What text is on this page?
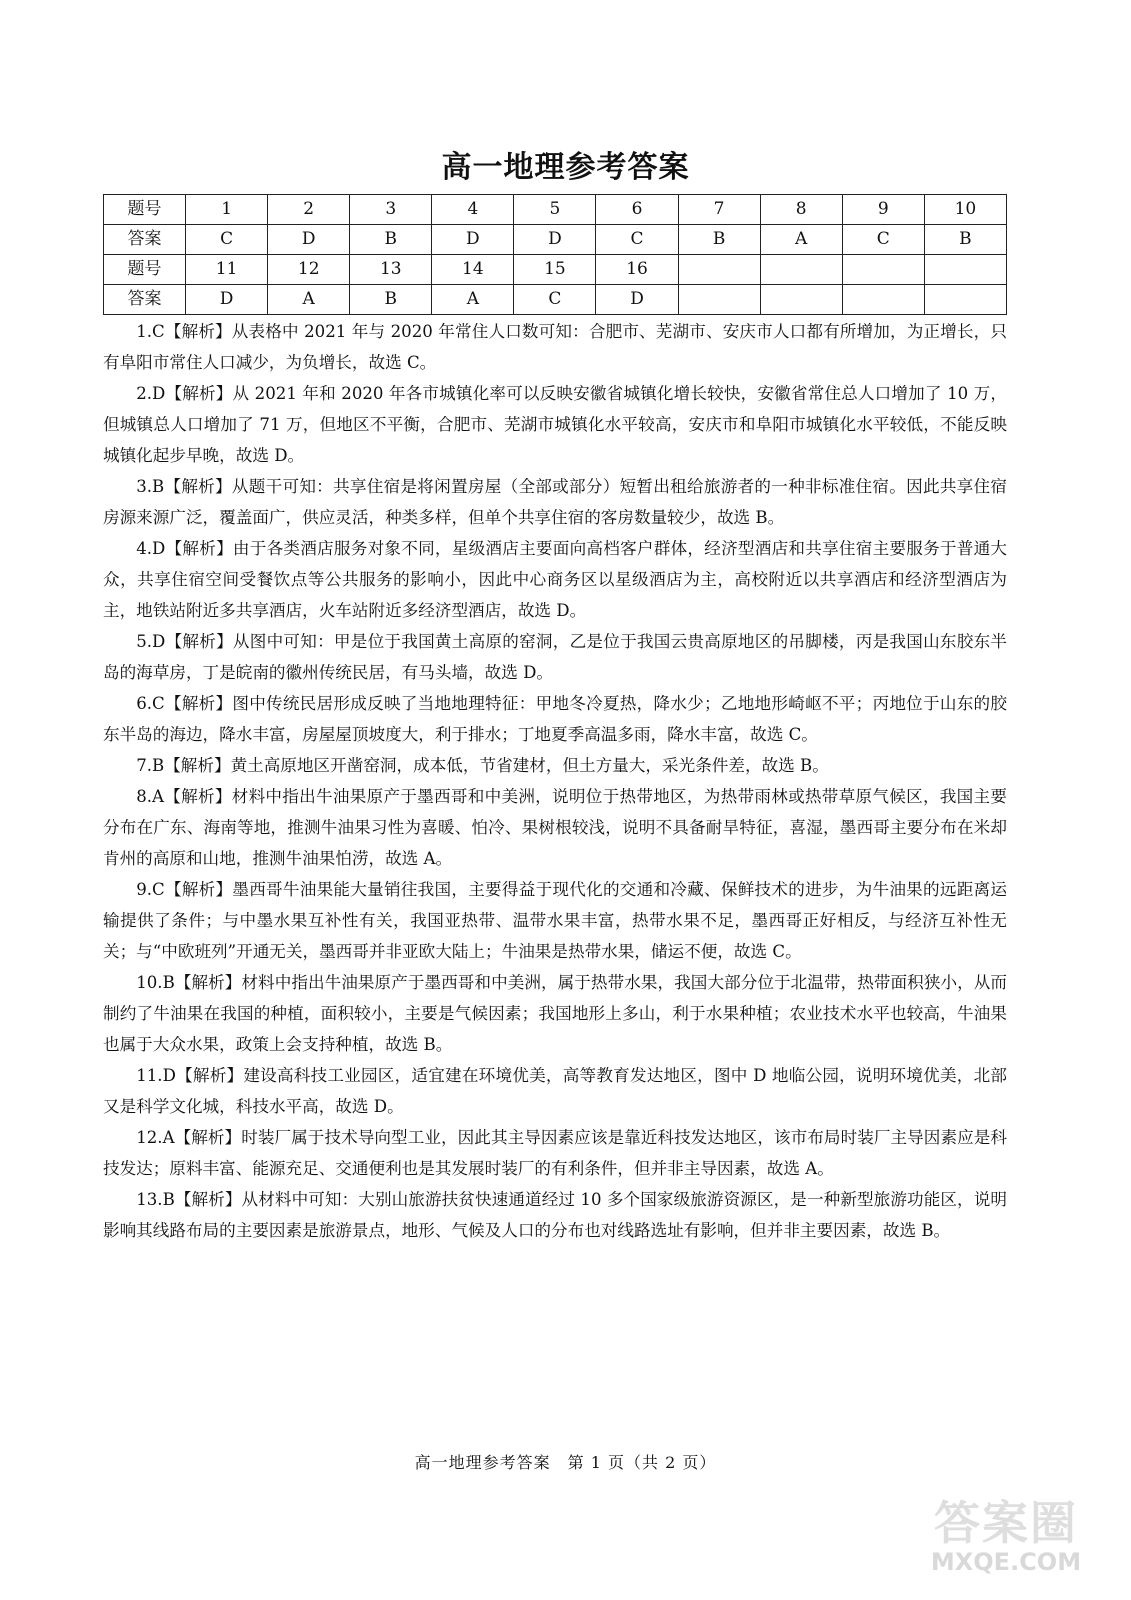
高一地理参考答案
题号	1	2	3	4	5	6	7	8	9	10
答案	C	D	B	D	D	C	B	A	C	B
题号	11	12	13	14	15	16				
答案	D	A	B	A	C	D				

1.C【解析】从表格中 2021 年与 2020 年常住人口数可知：合肥市、芜湖市、安庆市人口都有所增加，为正增长，只有阜阳市常住人口减少，为负增长，故选 C。

2.D【解析】从 2021 年和 2020 年各市城镇化率可以反映安徽省城镇化增长较快，安徽省常住总人口增加了 10 万，但城镇总人口增加了 71 万，但地区不平衡，合肥市、芜湖市城镇化水平较高，安庆市和阜阳市城镇化水平较低，不能反映城镇化起步早晚，故选 D。

3.B【解析】从题干可知：共享住宿是将闲置房屋（全部或部分）短暂出租给旅游者的一种非标准住宿。因此共享住宿房源来源广泛，覆盖面广，供应灵活，种类多样，但单个共享住宿的客房数量较少，故选 B。

4.D【解析】由于各类酒店服务对象不同，星级酒店主要面向高档客户群体，经济型酒店和共享住宿主要服务于普通大众，共享住宿空间受餐饮点等公共服务的影响小，因此中心商务区以星级酒店为主，高校附近以共享酒店和经济型酒店为主，地铁站附近多共享酒店，火车站附近多经济型酒店，故选 D。

5.D【解析】从图中可知：甲是位于我国黄土高原的窑洞，乙是位于我国云贵高原地区的吊脚楼，丙是我国山东胶东半岛的海草房，丁是皖南的徽州传统民居，有马头墙，故选 D。

6.C【解析】图中传统民居形成反映了当地地理特征：甲地冬冷夏热，降水少；乙地地形崎岖不平；丙地位于山东的胶东半岛的海边，降水丰富，房屋屋顶坡度大，利于排水；丁地夏季高温多雨，降水丰富，故选 C。

7.B【解析】黄土高原地区开凿窑洞，成本低，节省建材，但土方量大，采光条件差，故选 B。

8.A【解析】材料中指出牛油果原产于墨西哥和中美洲，说明位于热带地区，为热带雨林或热带草原气候区，我国主要分布在广东、海南等地，推测牛油果习性为喜暖、怕冷、果树根较浅，说明不具备耐旱特征，喜湿，墨西哥主要分布在米却肯州的高原和山地，推测牛油果怕涝，故选 A。

9.C【解析】墨西哥牛油果能大量销往我国，主要得益于现代化的交通和冷藏、保鲜技术的进步，为牛油果的远距离运输提供了条件；与中墨水果互补性有关，我国亚热带、温带水果丰富，热带水果不足，墨西哥正好相反，与经济互补性无关；与“中欧班列”开通无关，墨西哥并非亚欧大陆上；牛油果是热带水果，储运不便，故选 C。

10.B【解析】材料中指出牛油果原产于墨西哥和中美洲，属于热带水果，我国大部分位于北温带，热带面积狭小，从而制约了牛油果在我国的种植，面积较小，主要是气候因素；我国地形上多山，利于水果种植；农业技术水平也较高，牛油果也属于大众水果，政策上会支持种植，故选 B。

11.D【解析】建设高科技工业园区，适宜建在环境优美，高等教育发达地区，图中 D 地临公园，说明环境优美，北部又是科学文化城，科技水平高，故选 D。

12.A【解析】时装厂属于技术导向型工业，因此其主导因素应该是靠近科技发达地区，该市布局时装厂主导因素应是科技发达；原料丰富、能源充足、交通便利也是其发展时装厂的有利条件，但并非主导因素，故选 A。

13.B【解析】从材料中可知：大别山旅游扶贫快速通道经过 10 多个国家级旅游资源区，是一种新型旅游功能区，说明影响其线路布局的主要因素是旅游景点，地形、气候及人口的分布也对线路选址有影响，但并非主要因素，故选 B。

高一地理参考答案　第 1 页（共 2 页）
答案圈
MXQE.COM
